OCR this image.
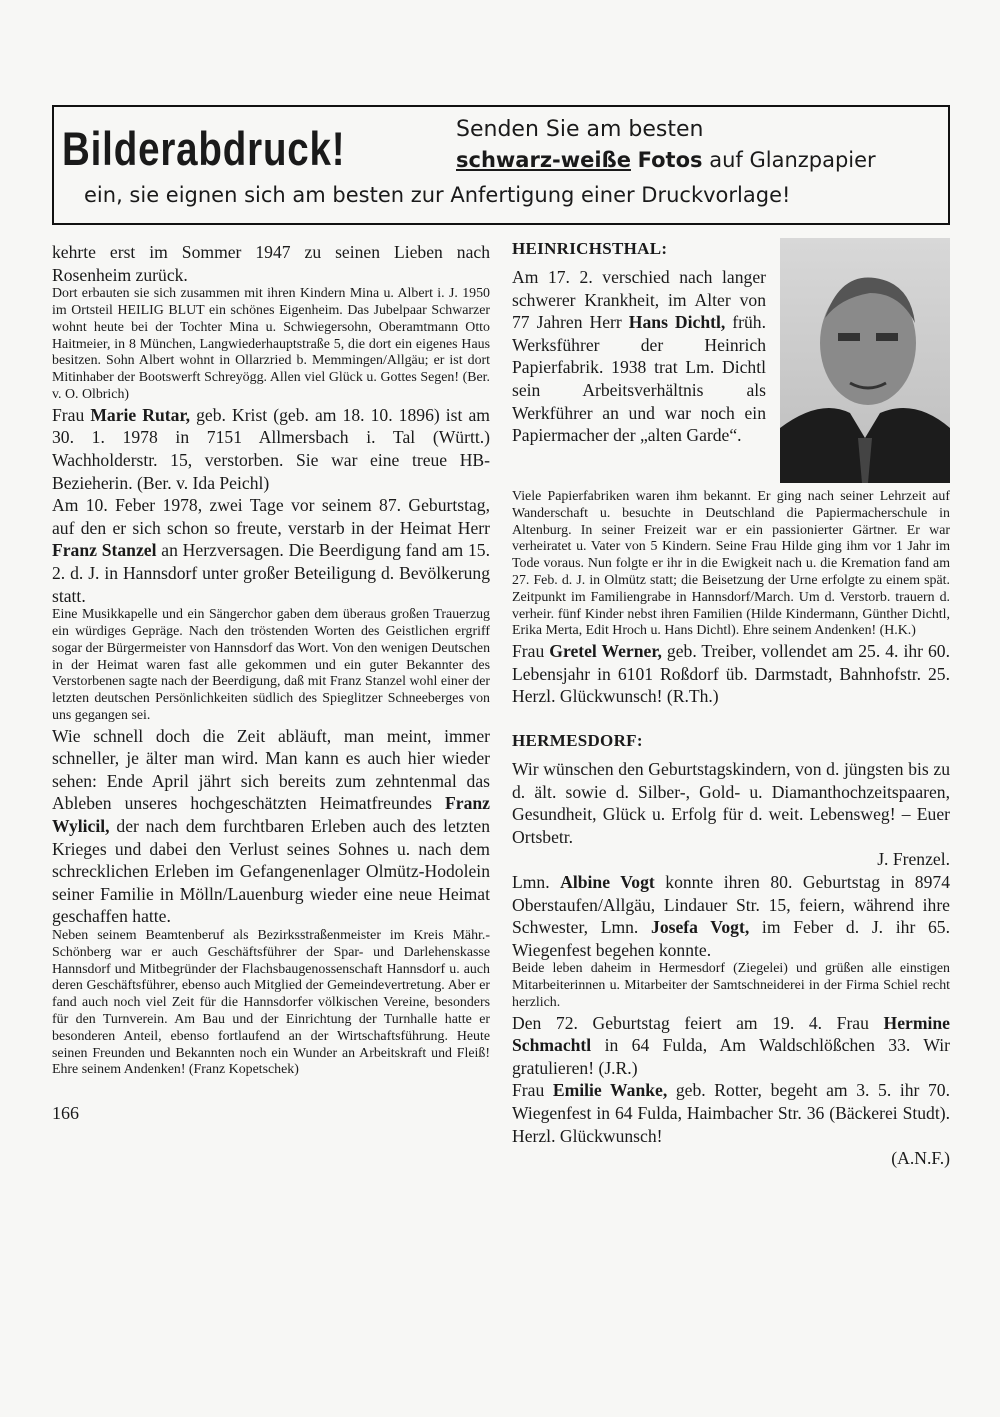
Bilderabdruck!	Senden Sie am besten
schwarz-weiße Fotos auf Glanzpapier
ein, sie eignen sich am besten zur Anfertigung einer Druckvorlage!

kehrte erst im Sommer 1947 zu seinen Lieben nach Rosenheim zurück.

Dort erbauten sie sich zusammen mit ihren Kindern Mina u. Albert i. J. 1950 im Ortsteil HEILIG BLUT ein schönes Eigenheim. Das Jubelpaar Schwarzer wohnt heute bei der Tochter Mina u. Schwiegersohn, Oberamtmann Otto Haitmeier, in 8 München, Langwiederhauptstraße 5, die dort ein eigenes Haus besitzen. Sohn Albert wohnt in Ollarzried b. Memmingen/Allgäu; er ist dort Mitinhaber der Bootswerft Schreyögg. Allen viel Glück u. Gottes Segen! (Ber. v. O. Olbrich)

Frau Marie Rutar, geb. Krist (geb. am 18. 10. 1896) ist am 30. 1. 1978 in 7151 Allmersbach i. Tal (Württ.) Wachholderstr. 15, verstorben. Sie war eine treue HB-Bezieherin. (Ber. v. Ida Peichl)

Am 10. Feber 1978, zwei Tage vor seinem 87. Geburtstag, auf den er sich schon so freute, verstarb in der Heimat Herr Franz Stanzel an Herzversagen. Die Beerdigung fand am 15. 2. d. J. in Hannsdorf unter großer Beteiligung d. Bevölkerung statt.

Eine Musikkapelle und ein Sängerchor gaben dem überaus großen Trauerzug ein würdiges Gepräge. Nach den tröstenden Worten des Geistlichen ergriff sogar der Bürgermeister von Hannsdorf das Wort. Von den wenigen Deutschen in der Heimat waren fast alle gekommen und ein guter Bekannter des Verstorbenen sagte nach der Beerdigung, daß mit Franz Stanzel wohl einer der letzten deutschen Persönlichkeiten südlich des Spieglitzer Schneeberges von uns gegangen sei.

Wie schnell doch die Zeit abläuft, man meint, immer schneller, je älter man wird. Man kann es auch hier wieder sehen: Ende April jährt sich bereits zum zehntenmal das Ableben unseres hochgeschätzten Heimatfreundes Franz Wylicil, der nach dem furchtbaren Erleben auch des letzten Krieges und dabei den Verlust seines Sohnes u. nach dem schrecklichen Erleben im Gefangenenlager Olmütz-Hodolein seiner Familie in Mölln/Lauenburg wieder eine neue Heimat geschaffen hatte.

Neben seinem Beamtenberuf als Bezirksstraßenmeister im Kreis Mähr.-Schönberg war er auch Geschäftsführer der Spar- und Darlehenskasse Hannsdorf und Mitbegründer der Flachsbaugenossenschaft Hannsdorf u. auch deren Geschäftsführer, ebenso auch Mitglied der Gemeindevertretung. Aber er fand auch noch viel Zeit für die Hannsdorfer völkischen Vereine, besonders für den Turnverein. Am Bau und der Einrichtung der Turnhalle hatte er besonderen Anteil, ebenso fortlaufend an der Wirtschaftsführung. Heute seinen Freunden und Bekannten noch ein Wunder an Arbeitskraft und Fleiß! Ehre seinem Andenken! (Franz Kopetschek)

166
HEINRICHSTHAL:

Am 17. 2. verschied nach langer schwerer Krankheit, im Alter von 77 Jahren Herr Hans Dichtl, früh. Werksführer der Heinrich Papierfabrik. 1938 trat Lm. Dichtl sein Arbeitsverhältnis als Werkführer an und war noch ein Papiermacher der „alten Garde“.

Viele Papierfabriken waren ihm bekannt. Er ging nach seiner Lehrzeit auf Wanderschaft u. besuchte in Deutschland die Papiermacherschule in Altenburg. In seiner Freizeit war er ein passionierter Gärtner. Er war verheiratet u. Vater von 5 Kindern. Seine Frau Hilde ging ihm vor 1 Jahr im Tode voraus. Nun folgte er ihr in die Ewigkeit nach u. die Kremation fand am 27. Feb. d. J. in Olmütz statt; die Beisetzung der Urne erfolgte zu einem spät. Zeitpunkt im Familiengrabe in Hannsdorf/March. Um d. Verstorb. trauern d. verheir. fünf Kinder nebst ihren Familien (Hilde Kindermann, Günther Dichtl, Erika Merta, Edit Hroch u. Hans Dichtl). Ehre seinem Andenken! (H.K.)

Frau Gretel Werner, geb. Treiber, vollendet am 25. 4. ihr 60. Lebensjahr in 6101 Roßdorf üb. Darmstadt, Bahnhofstr. 25. Herzl. Glückwunsch! (R.Th.)

HERMESDORF:

Wir wünschen den Geburtstagskindern, von d. jüngsten bis zu d. ält. sowie d. Silber-, Gold- u. Diamanthochzeitspaaren, Gesundheit, Glück u. Erfolg für d. weit. Lebensweg! – Euer Ortsbetr.

J. Frenzel.

Lmn. Albine Vogt konnte ihren 80. Geburtstag in 8974 Oberstaufen/Allgäu, Lindauer Str. 15, feiern, während ihre Schwester, Lmn. Josefa Vogt, im Feber d. J. ihr 65. Wiegenfest begehen konnte.

Beide leben daheim in Hermesdorf (Ziegelei) und grüßen alle einstigen Mitarbeiterinnen u. Mitarbeiter der Samtschneiderei in der Firma Schiel recht herzlich.

Den 72. Geburtstag feiert am 19. 4. Frau Hermine Schmachtl in 64 Fulda, Am Waldschlößchen 33. Wir gratulieren! (J.R.)

Frau Emilie Wanke, geb. Rotter, begeht am 3. 5. ihr 70. Wiegenfest in 64 Fulda, Haimbacher Str. 36 (Bäckerei Studt). Herzl. Glückwunsch!

(A.N.F.)
